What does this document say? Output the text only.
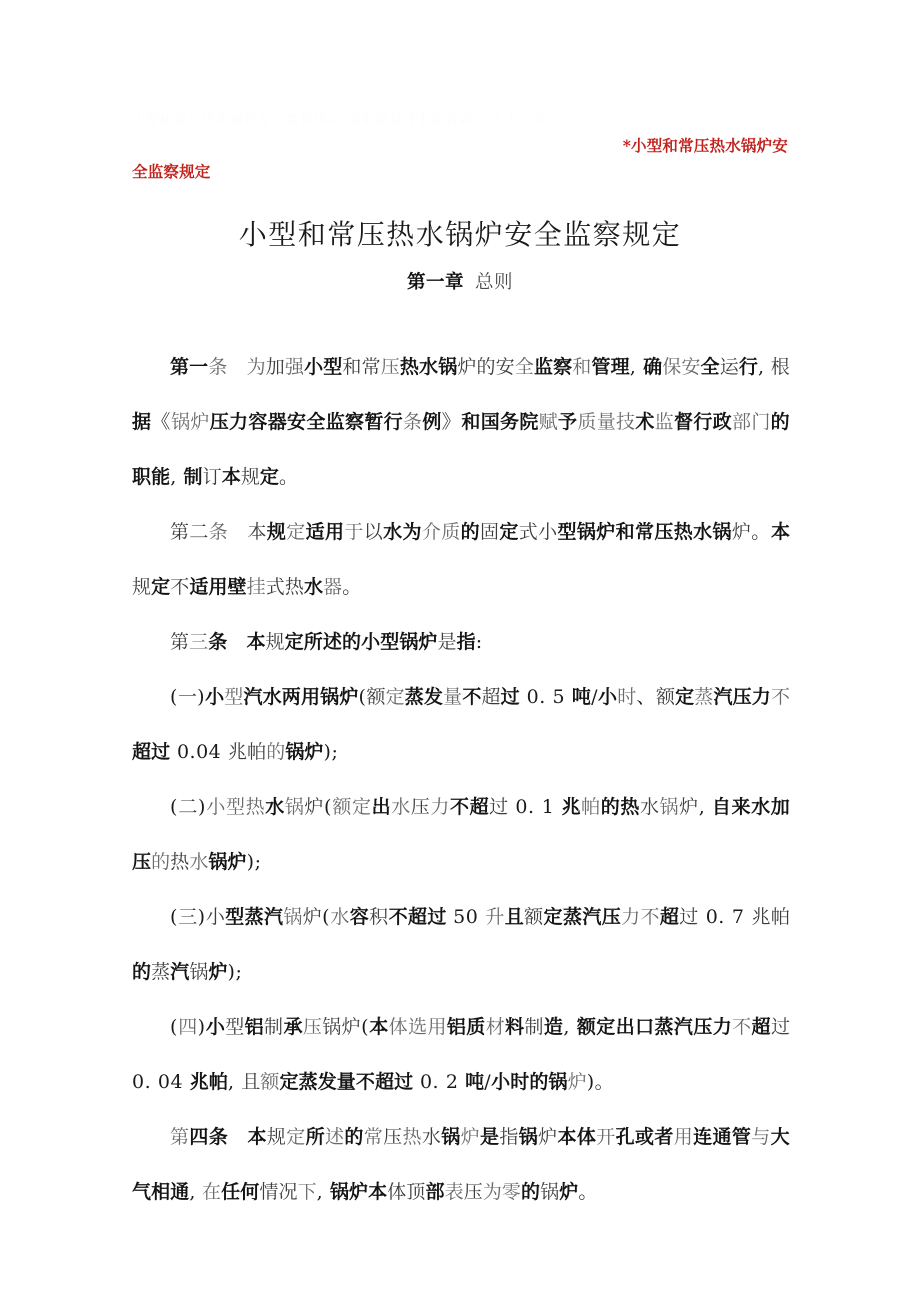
小型和常压热水锅炉安全监察规定 国家质量技术监督局 一九九九年
*小型和常压热水锅炉安
全监察规定
小型和常压热水锅炉安全监察规定
第一章 总则

第一条　 为加强小型和常压热水锅炉的安全监察和管理, 确保安全运行, 根据《锅炉压力容器安全监察暂行条例》和国务院赋予质量技术监督行政部门的职能, 制订本规定。

第二条　 本规定适用于以水为介质的固定式小型锅炉和常压热水锅炉。本规定不适用壁挂式热水器。

第三条　 本规定所述的小型锅炉是指:

(一)小型汽水两用锅炉(额定蒸发量不超过 0. 5 吨/小时、额定蒸汽压力不超过 0.04 兆帕的锅炉);

(二)小型热水锅炉(额定出水压力不超过 0. 1 兆帕的热水锅炉, 自来水加压的热水锅炉);

(三)小型蒸汽锅炉(水容积不超过 50 升且额定蒸汽压力不超过 0. 7 兆帕的蒸汽锅炉);

(四)小型铝制承压锅炉(本体选用铝质材料制造, 额定出口蒸汽压力不超过 0. 04 兆帕, 且额定蒸发量不超过 0. 2 吨/小时的锅炉)。

第四条　 本规定所述的常压热水锅炉是指锅炉本体开孔或者用连通管与大气相通, 在任何情况下, 锅炉本体顶部表压为零的锅炉。
